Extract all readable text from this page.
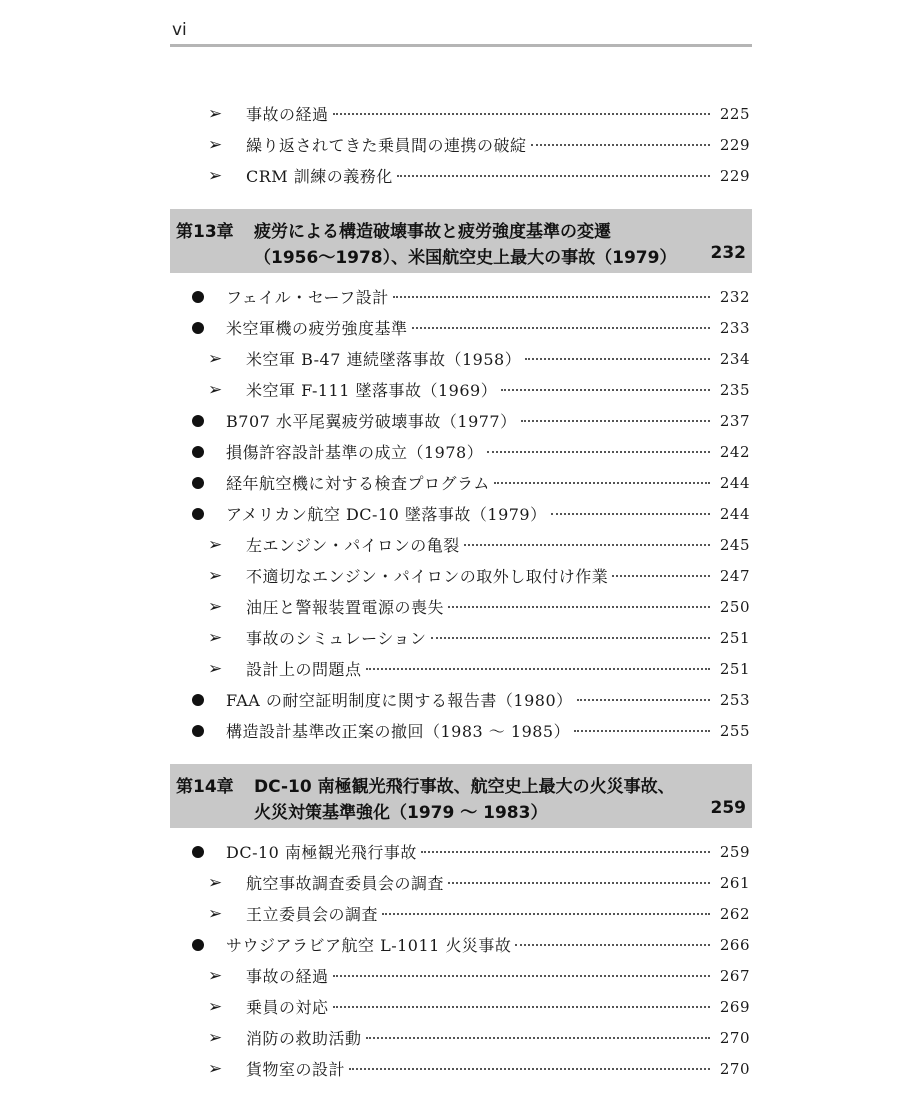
vi
➢ 事故の経過	225
➢ 繰り返されてきた乗員間の連携の破綻	229
➢ CRM 訓練の義務化	229
第13章 疲労による構造破壊事故と疲労強度基準の変遷
（1956～1978）、米国航空史上最大の事故（1979） 232
フェイル・セーフ設計	232
米空軍機の疲労強度基準	233
➢ 米空軍 B-47 連続墜落事故（1958）	234
➢ 米空軍 F-111 墜落事故（1969）	235
B707 水平尾翼疲労破壊事故（1977）	237
損傷許容設計基準の成立（1978）	242
経年航空機に対する検査プログラム	244
アメリカン航空 DC-10 墜落事故（1979）	244
➢ 左エンジン・パイロンの亀裂	245
➢ 不適切なエンジン・パイロンの取外し取付け作業	247
➢ 油圧と警報装置電源の喪失	250
➢ 事故のシミュレーション	251
➢ 設計上の問題点	251
FAA の耐空証明制度に関する報告書（1980）	253
構造設計基準改正案の撤回（1983 ～ 1985）	255
第14章 DC-10 南極観光飛行事故、航空史上最大の火災事故、
火災対策基準強化（1979 ～ 1983）	259
DC-10 南極観光飛行事故	259
➢ 航空事故調査委員会の調査	261
➢ 王立委員会の調査	262
サウジアラビア航空 L-1011 火災事故	266
➢ 事故の経過	267
➢ 乗員の対応	269
➢ 消防の救助活動	270
➢ 貨物室の設計	270
